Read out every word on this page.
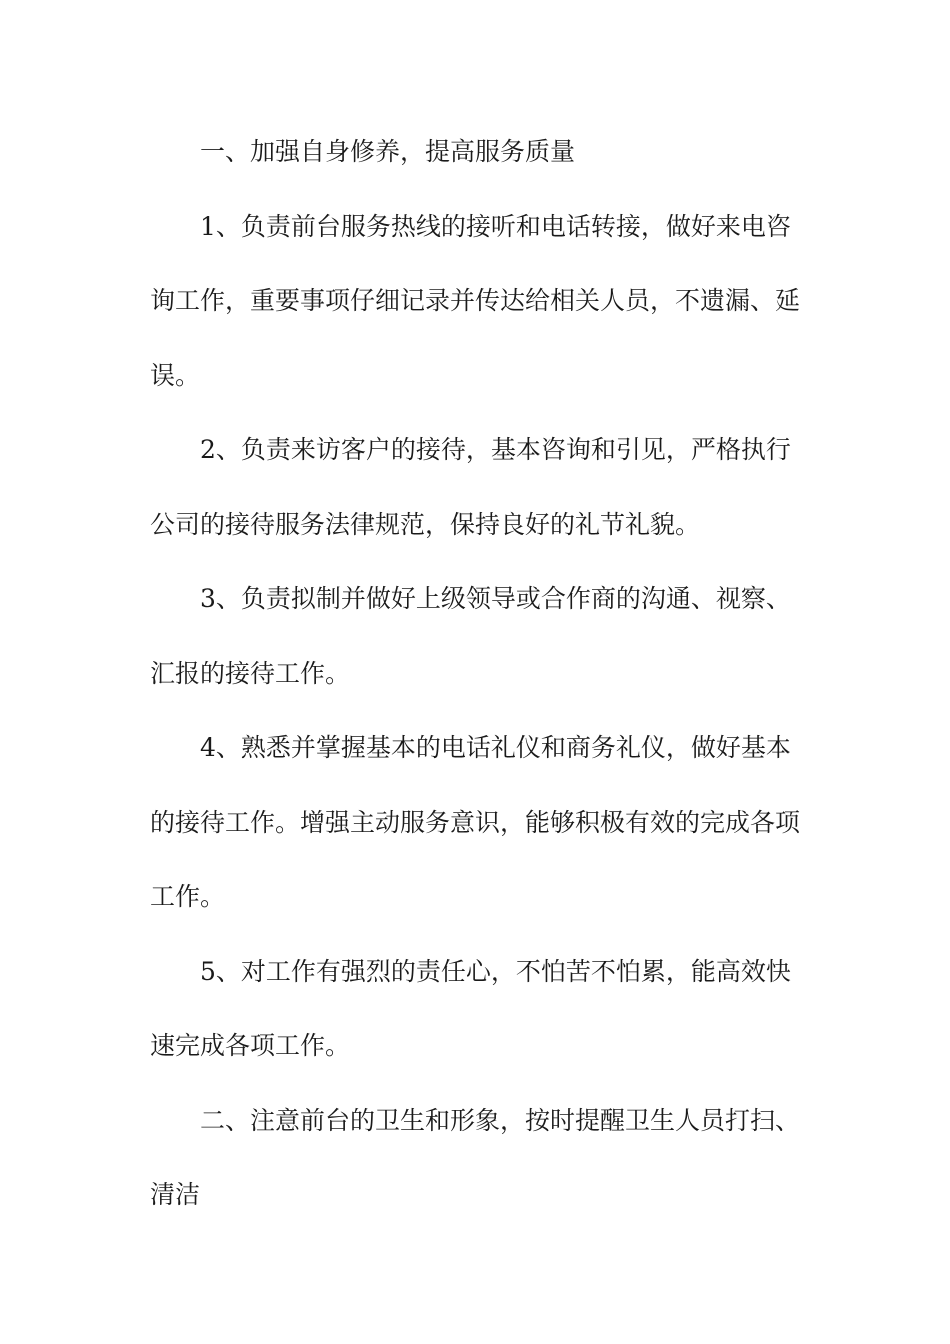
一、加强自身修养，提高服务质量

1、负责前台服务热线的接听和电话转接，做好来电咨询工作，重要事项仔细记录并传达给相关人员，不遗漏、延误。

2、负责来访客户的接待，基本咨询和引见，严格执行公司的接待服务法律规范，保持良好的礼节礼貌。

3、负责拟制并做好上级领导或合作商的沟通、视察、汇报的接待工作。

4、熟悉并掌握基本的电话礼仪和商务礼仪，做好基本的接待工作。增强主动服务意识，能够积极有效的完成各项工作。

5、对工作有强烈的责任心，不怕苦不怕累，能高效快速完成各项工作。

二、注意前台的卫生和形象，按时提醒卫生人员打扫、清洁
